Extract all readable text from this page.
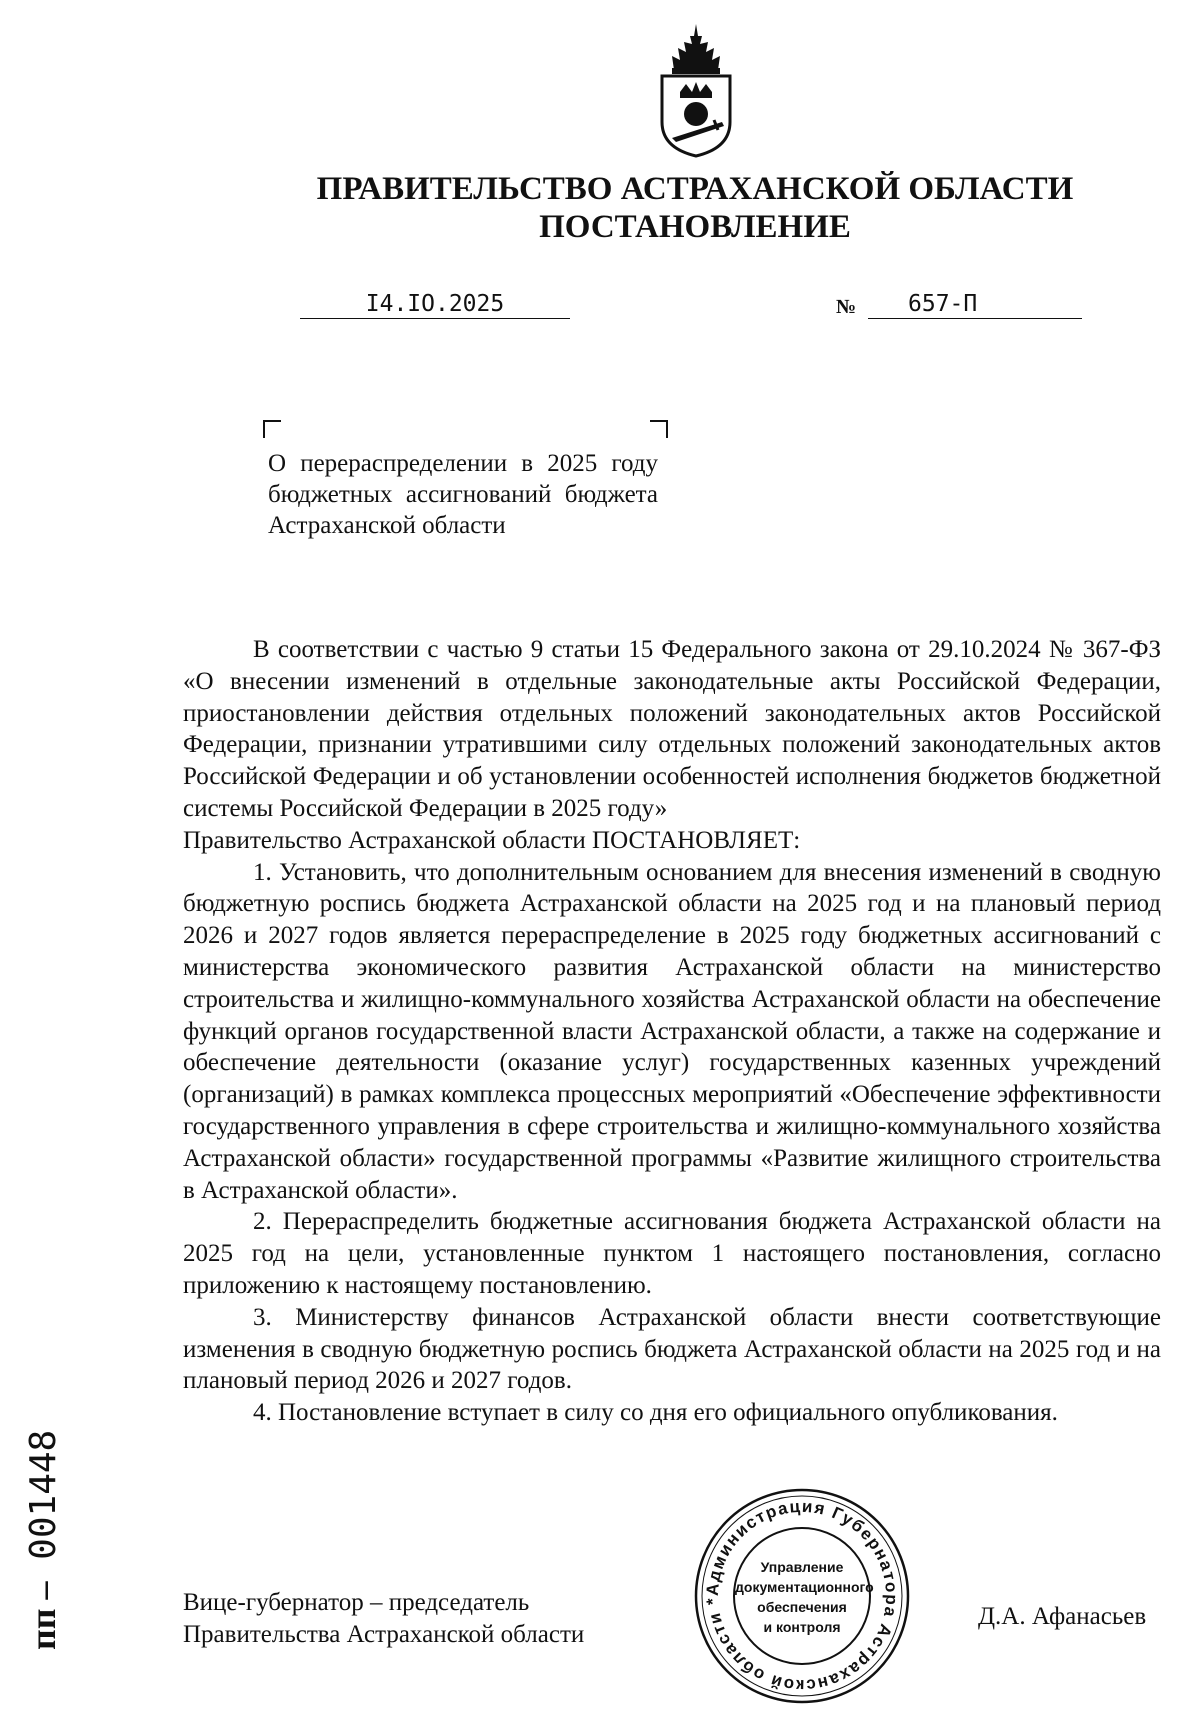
ПРАВИТЕЛЬСТВО АСТРАХАНСКОЙ ОБЛАСТИ
ПОСТАНОВЛЕНИЕ
I4.IO.2025	№	657-П
О перераспределении в 2025 году бюджетных ассигнований бюджета Астраханской области

В соответствии с частью 9 статьи 15 Федерального закона от 29.10.2024 № 367-ФЗ «О внесении изменений в отдельные законодательные акты Российской Федерации, приостановлении действия отдельных положений законодательных актов Российской Федерации, признании утратившими силу отдельных положений законодательных актов Российской Федерации и об установлении особенностей исполнения бюджетов бюджетной системы Российской Федерации в 2025 году»

Правительство Астраханской области ПОСТАНОВЛЯЕТ:

1. Установить, что дополнительным основанием для внесения изменений в сводную бюджетную роспись бюджета Астраханской области на 2025 год и на плановый период 2026 и 2027 годов является перераспределение в 2025 году бюджетных ассигнований с министерства экономического развития Астраханской области на министерство строительства и жилищно-коммунального хозяйства Астраханской области на обеспечение функций органов государственной власти Астраханской области, а также на содержание и обеспечение деятельности (оказание услуг) государственных казенных учреждений (организаций) в рамках комплекса процессных мероприятий «Обеспечение эффективности государственного управления в сфере строительства и жилищно-коммунального хозяйства Астраханской области» государственной программы «Развитие жилищного строительства в Астраханской области».

2. Перераспределить бюджетные ассигнования бюджета Астраханской области на 2025 год на цели, установленные пунктом 1 настоящего постановления, согласно приложению к настоящему постановлению.

3. Министерству финансов Астраханской области внести соответствующие изменения в сводную бюджетную роспись бюджета Астраханской области на 2025 год и на плановый период 2026 и 2027 годов.

4. Постановление вступает в силу со дня его официального опубликования.

Вице-губернатор – председатель
Правительства Астраханской области
Д.А. Афанасьев
Администрация Губернатора Астраханской области *
Управление
документационного
обеспечения
и контроля
пп – 001448
